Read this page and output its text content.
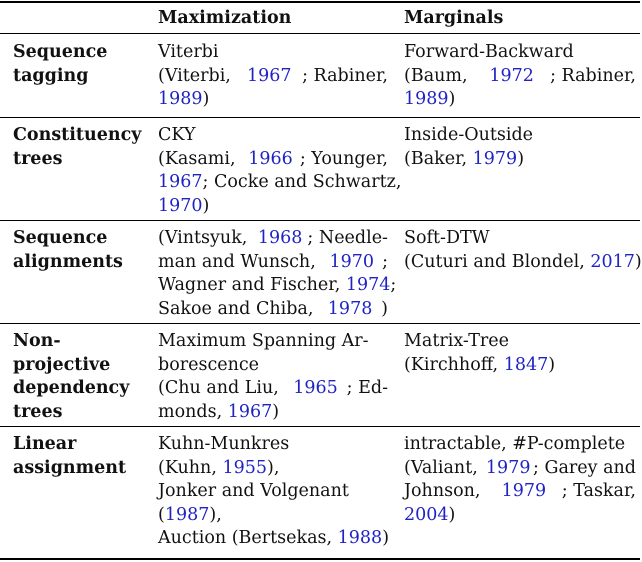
Maximization	Marginals
Sequence
tagging
Viterbi
(Viterbi, 1967 ; Rabiner,
1989)
Forward-Backward
(Baum, 1972 ; Rabiner,
1989)
Constituency
trees
CKY
(Kasami, 1966 ; Younger,
1967; Cocke and Schwartz,
1970)
Inside-Outside
(Baker, 1979)
Sequence
alignments
(Vintsyuk, 1968 ; Needle-
man and Wunsch, 1970 ;
Wagner and Fischer, 1974 ;
Sakoe and Chiba, 1978 )
Soft-DTW
(Cuturi and Blondel, 2017)
Non-
projective
dependency
trees
Maximum Spanning Ar-
borescence
(Chu and Liu, 1965 ; Ed-
monds, 1967)
Matrix-Tree
(Kirchhoff, 1847)
Linear
assignment
Kuhn-Munkres
(Kuhn, 1955),
Jonker and Volgenant
(1987),
Auction (Bertsekas, 1988)
intractable, #P-complete
(Valiant, 1979 ; Garey and
Johnson, 1979 ; Taskar,
2004)
